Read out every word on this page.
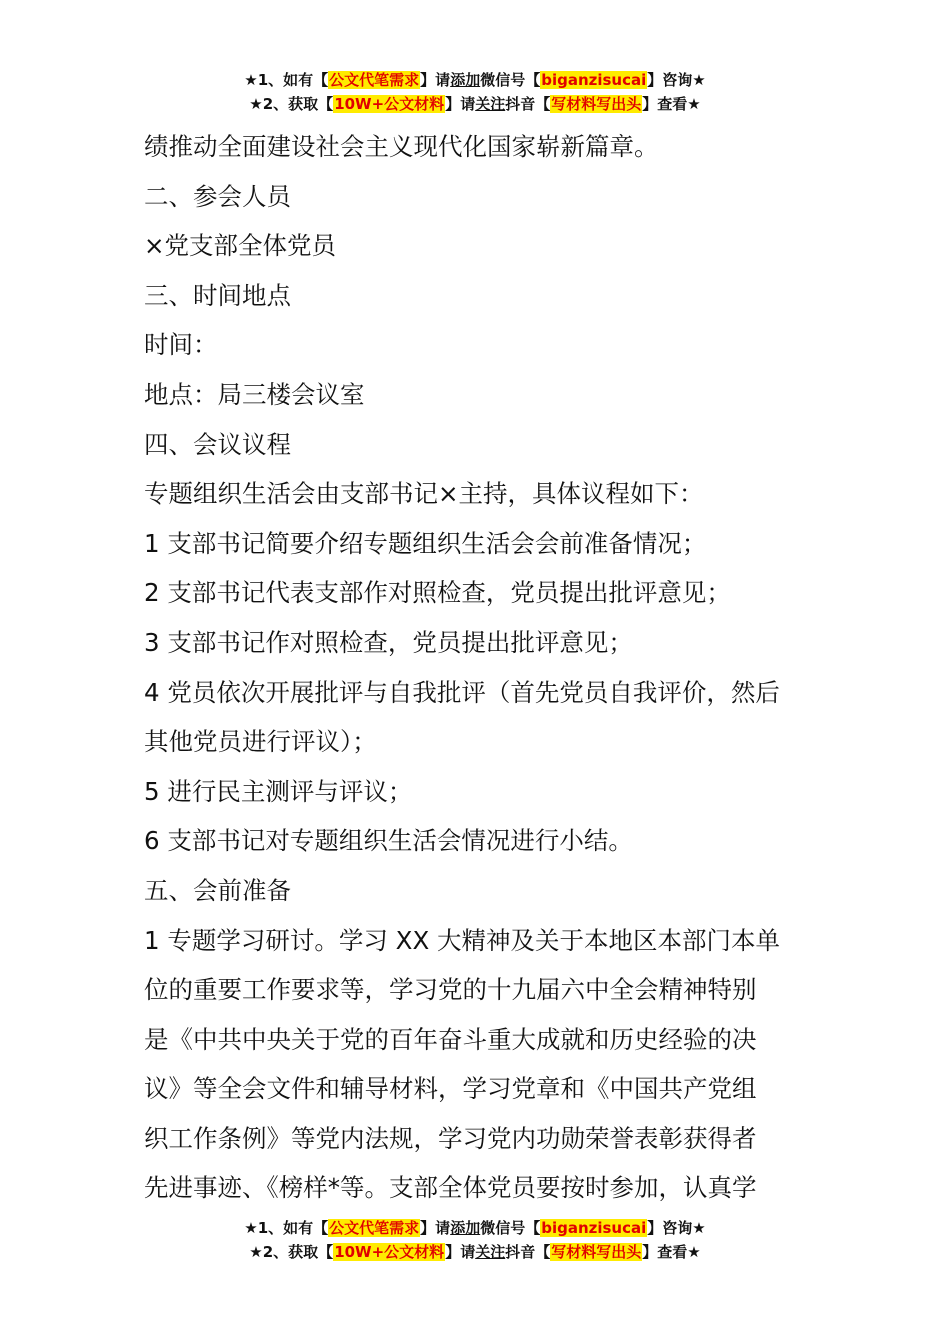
★1、如有【公文代笔需求】请添加微信号【biganzisucai】咨询★
★2、获取【10W+公文材料】请关注抖音【写材料写出头】查看★
绩推动全面建设社会主义现代化国家崭新篇章。
二、参会人员
×党支部全体党员
三、时间地点
时间：
地点：局三楼会议室
四、会议议程
专题组织生活会由支部书记×主持，具体议程如下：
1 支部书记简要介绍专题组织生活会会前准备情况；
2 支部书记代表支部作对照检查，党员提出批评意见；
3 支部书记作对照检查，党员提出批评意见；
4 党员依次开展批评与自我批评（首先党员自我评价，然后
其他党员进行评议）；
5 进行民主测评与评议；
6 支部书记对专题组织生活会情况进行小结。
五、会前准备
1 专题学习研讨。学习 XX 大精神及关于本地区本部门本单
位的重要工作要求等，学习党的十九届六中全会精神特别
是《中共中央关于党的百年奋斗重大成就和历史经验的决
议》等全会文件和辅导材料，学习党章和《中国共产党组
织工作条例》等党内法规，学习党内功勋荣誉表彰获得者
先进事迹、《榜样*等。支部全体党员要按时参加，认真学
★1、如有【公文代笔需求】请添加微信号【biganzisucai】咨询★
★2、获取【10W+公文材料】请关注抖音【写材料写出头】查看★
